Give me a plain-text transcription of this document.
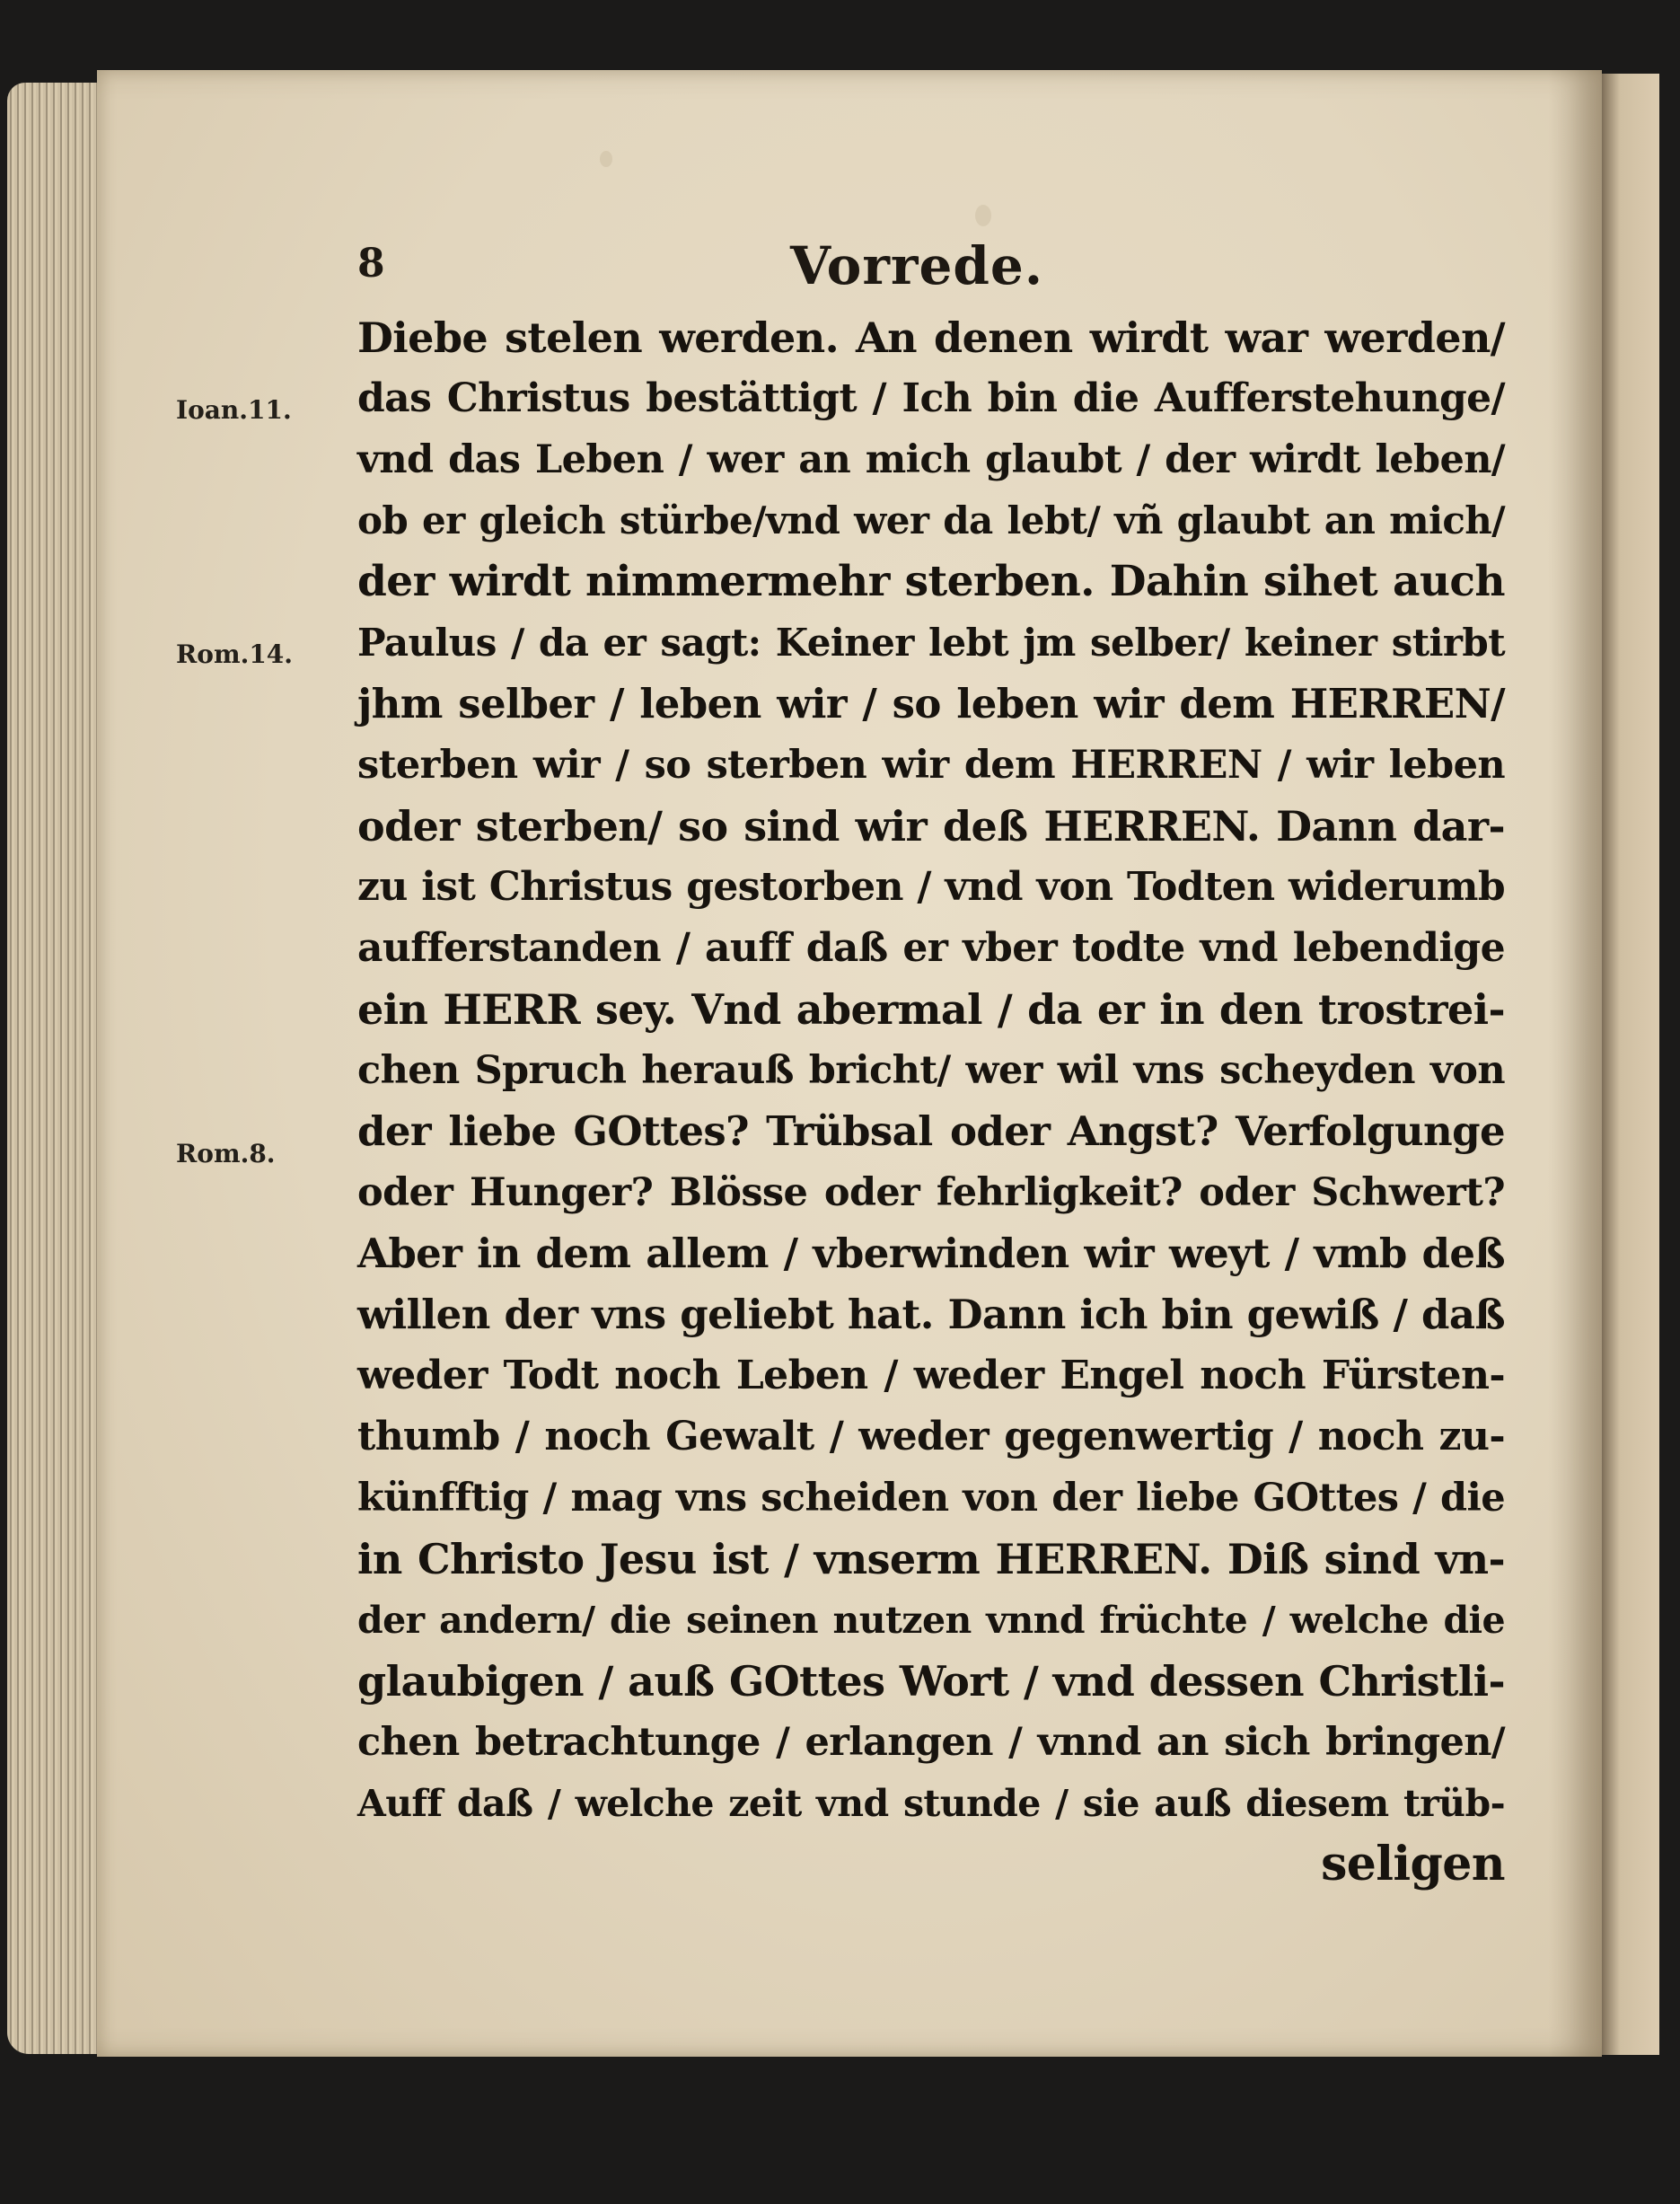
8	Vorrede.
Ioan.11.
Rom.14.
Rom.8.
Diebe stelen werden. An denen wirdt war werden/
das Christus bestättigt / Ich bin die Aufferstehunge/
vnd das Leben / wer an mich glaubt / der wirdt leben/
ob er gleich stürbe/vnd wer da lebt/ vñ glaubt an mich/
der wirdt nimmermehr sterben. Dahin sihet auch
Paulus / da er sagt: Keiner lebt jm selber/ keiner stirbt
jhm selber / leben wir / so leben wir dem HERREN/
sterben wir / so sterben wir dem HERREN / wir leben
oder sterben/ so sind wir deß HERREN. Dann dar-
zu ist Christus gestorben / vnd von Todten widerumb
aufferstanden / auff daß er vber todte vnd lebendige
ein HERR sey. Vnd abermal / da er in den trostrei-
chen Spruch herauß bricht/ wer wil vns scheyden von
der liebe GOttes? Trübsal oder Angst? Verfolgunge
oder Hunger? Blösse oder fehrligkeit? oder Schwert?
Aber in dem allem / vberwinden wir weyt / vmb deß
willen der vns geliebt hat. Dann ich bin gewiß / daß
weder Todt noch Leben / weder Engel noch Fürsten-
thumb / noch Gewalt / weder gegenwertig / noch zu-
künfftig / mag vns scheiden von der liebe GOttes / die
in Christo Jesu ist / vnserm HERREN. Diß sind vn-
der andern/ die seinen nutzen vnnd früchte / welche die
glaubigen / auß GOttes Wort / vnd dessen Christli-
chen betrachtunge / erlangen / vnnd an sich bringen/
Auff daß / welche zeit vnd stunde / sie auß diesem trüb-
seligen
